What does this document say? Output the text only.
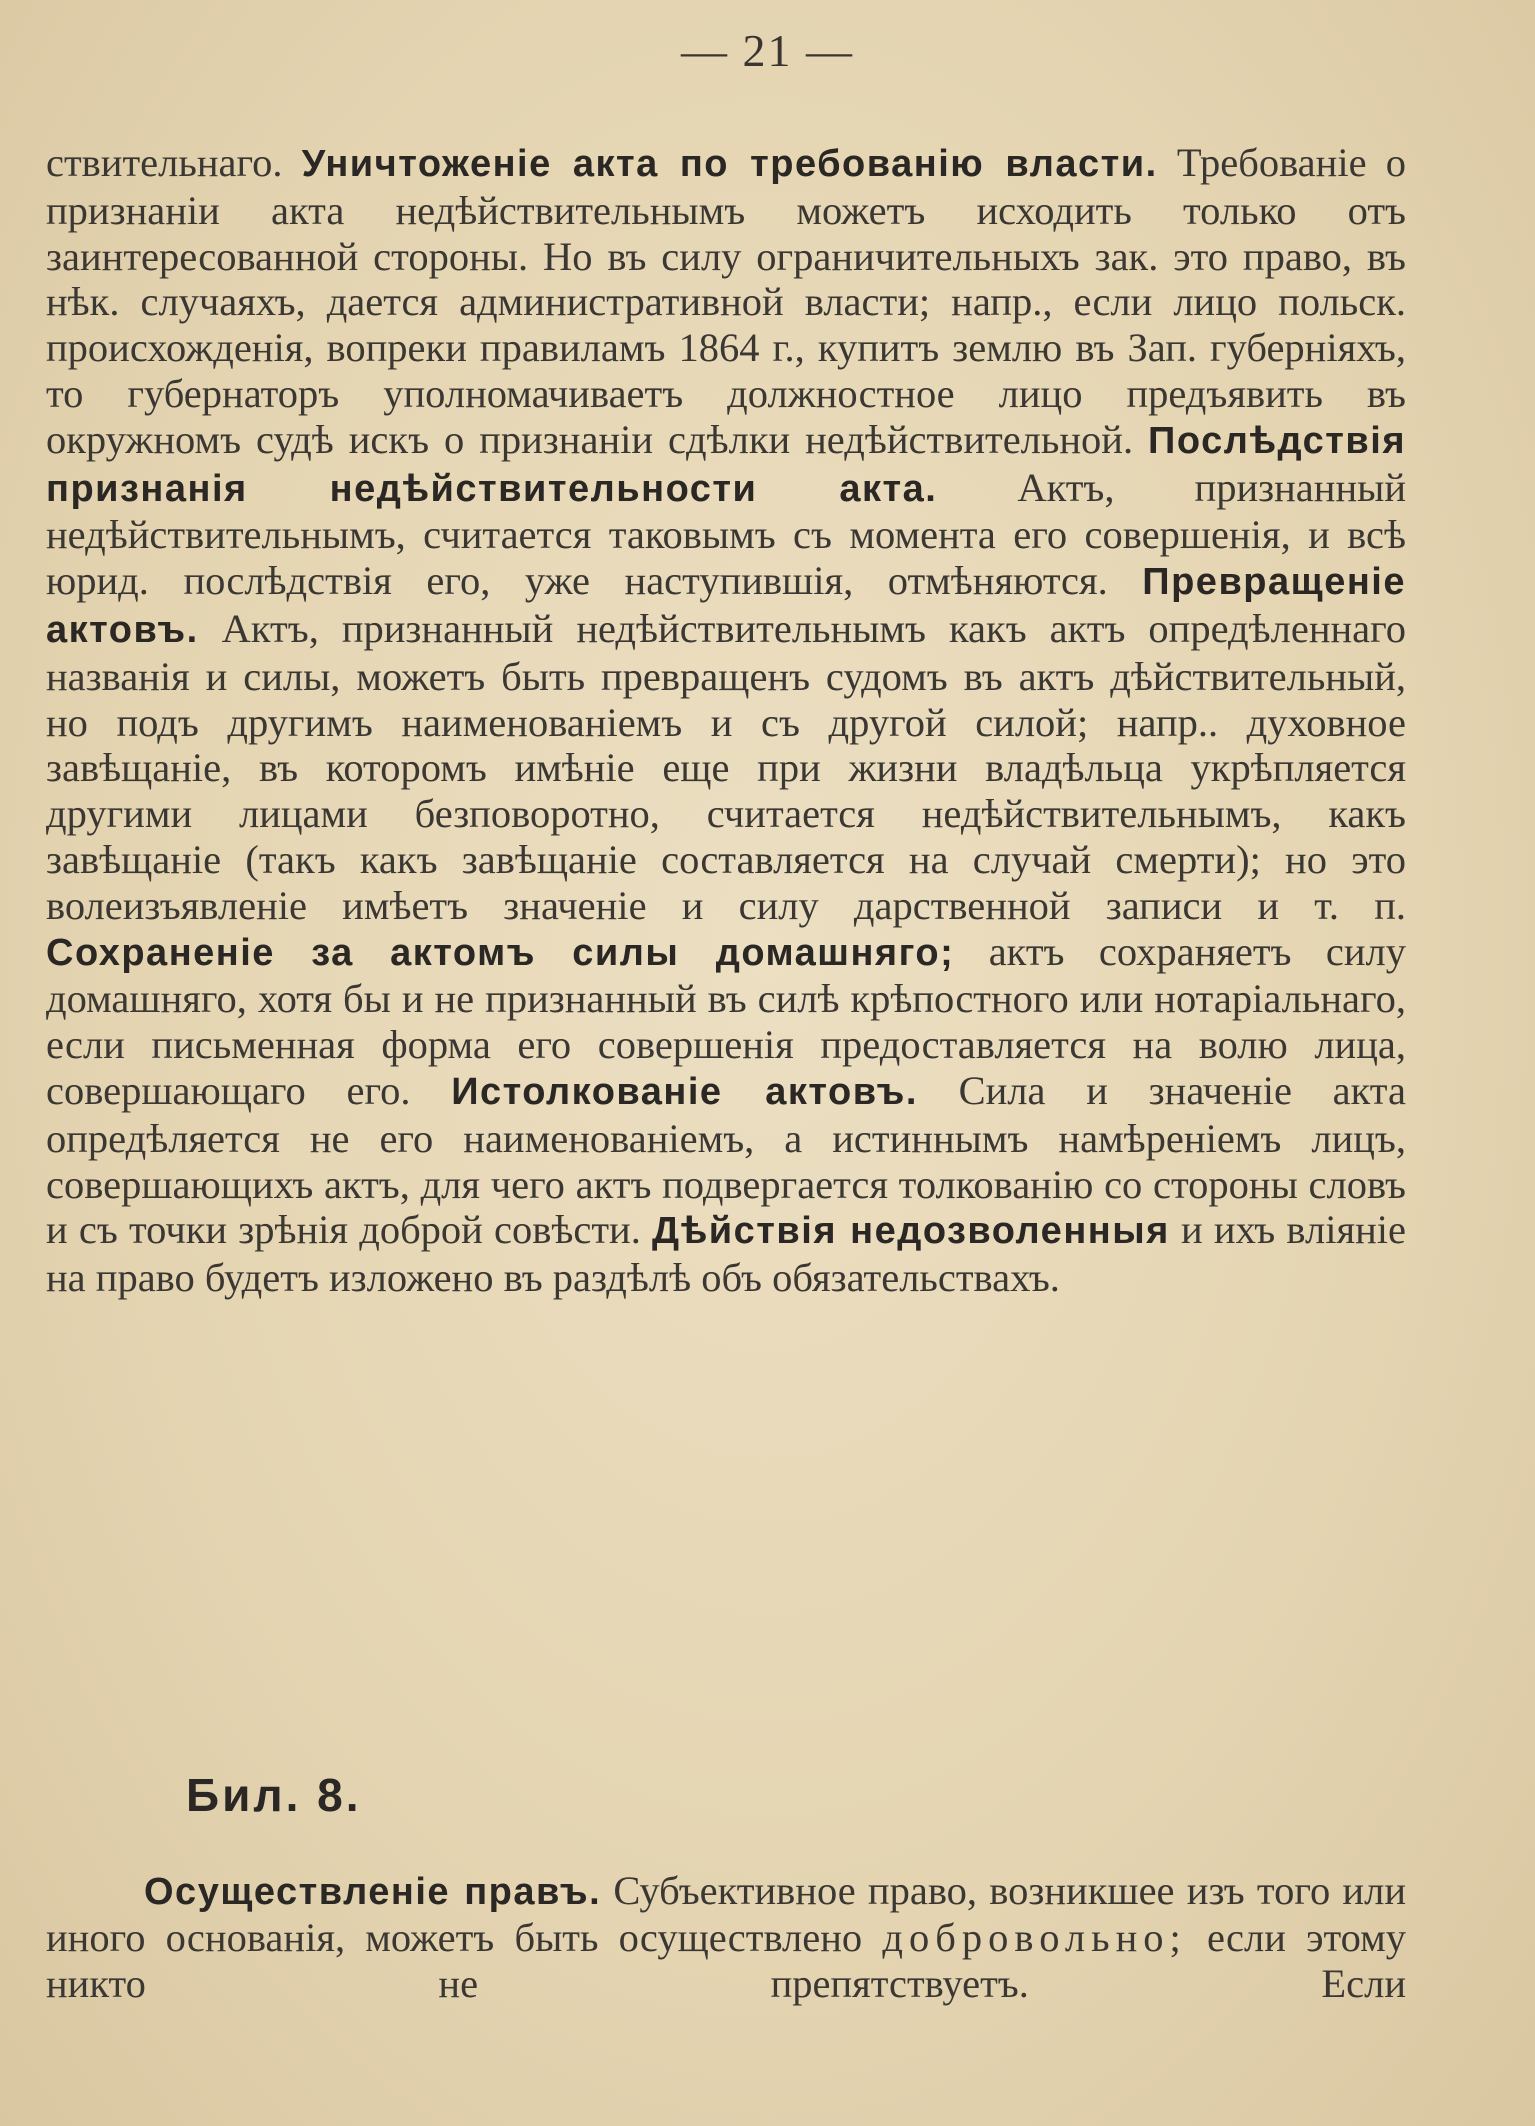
— 21 —

ствительнаго. Уничтоженіе акта по требованію власти. Требованіе о признаніи акта недѣйствительнымъ можетъ исходить только отъ заинтересованной стороны. Но въ силу ограничительныхъ зак. это право, въ нѣк. случаяхъ, дается административной власти; напр., если лицо польск. происхожденія, вопреки правиламъ 1864 г., купитъ землю въ Зап. губерніяхъ, то губернаторъ уполномачиваетъ должностное лицо предъявить въ окружномъ судѣ искъ о признаніи сдѣлки недѣйствительной. Послѣдствія признанія недѣйствительности акта. Актъ, признанный недѣйствительнымъ, считается таковымъ съ момента его совершенія, и всѣ юрид. послѣдствія его, уже наступившія, отмѣняются. Превращеніе актовъ. Актъ, признанный недѣйствительнымъ какъ актъ опредѣленнаго названія и силы, можетъ быть превращенъ судомъ въ актъ дѣйствительный, но подъ другимъ наименованіемъ и съ другой силой; напр.. духовное завѣщаніе, въ которомъ имѣніе еще при жизни владѣльца укрѣпляется другими лицами безповоротно, считается недѣйствительнымъ, какъ завѣщаніе (такъ какъ завѣщаніе составляется на случай смерти); но это волеизъявленіе имѣетъ значеніе и силу дарственной записи и т. п. Сохраненіе за актомъ силы домашняго; актъ сохраняетъ силу домашняго, хотя бы и не признанный въ силѣ крѣпостного или нотаріальнаго, если письменная форма его совершенія предоставляется на волю лица, совершающаго его. Истолкованіе актовъ. Сила и значеніе акта опредѣляется не его наименованіемъ, а истиннымъ намѣреніемъ лицъ, совершающихъ актъ, для чего актъ подвергается толкованію со стороны словъ и съ точки зрѣнія доброй совѣсти. Дѣйствія недозволенныя и ихъ вліяніе на право будетъ изложено въ раздѣлѣ объ обязательствахъ.

Бил. 8.

Осуществленіе правъ. Субъективное право, возникшее изъ того или иного основанія, можетъ быть осуществлено добровольно; если этому никто не препятствуетъ. Если
